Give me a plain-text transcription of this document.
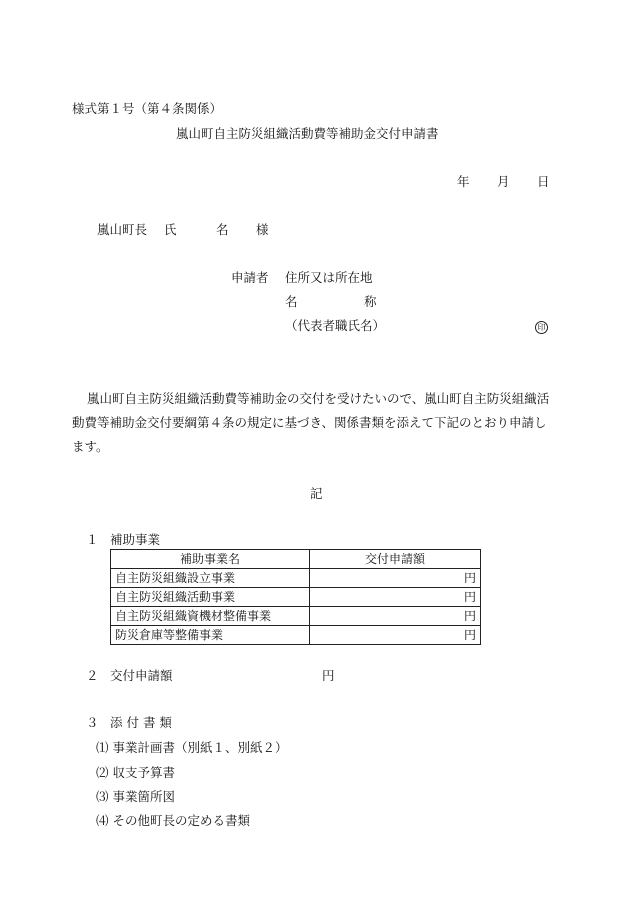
様式第１号（第４条関係）
嵐山町自主防災組織活動費等補助金交付申請書
年 月 日
嵐山町長 氏	名 様
申請者 住所又は所在地
名	称
（代表者職氏名）	印
嵐山町自主防災組織活動費等補助金の交付を受けたいので、嵐山町自主防災組織活動費等補助金交付要綱第４条の規定に基づき、関係書類を添えて下記のとおり申請します。
記
１ 補助事業
補助事業名	交付申請額
自主防災組織設立事業	円
自主防災組織活動事業	円
自主防災組織資機材整備事業	円
防災倉庫等整備事業	円
２ 交付申請額	円
３ 添 付 書 類
⑴ 事業計画書（別紙１、別紙２）
⑵ 収支予算書
⑶ 事業箇所図
⑷ その他町長の定める書類
